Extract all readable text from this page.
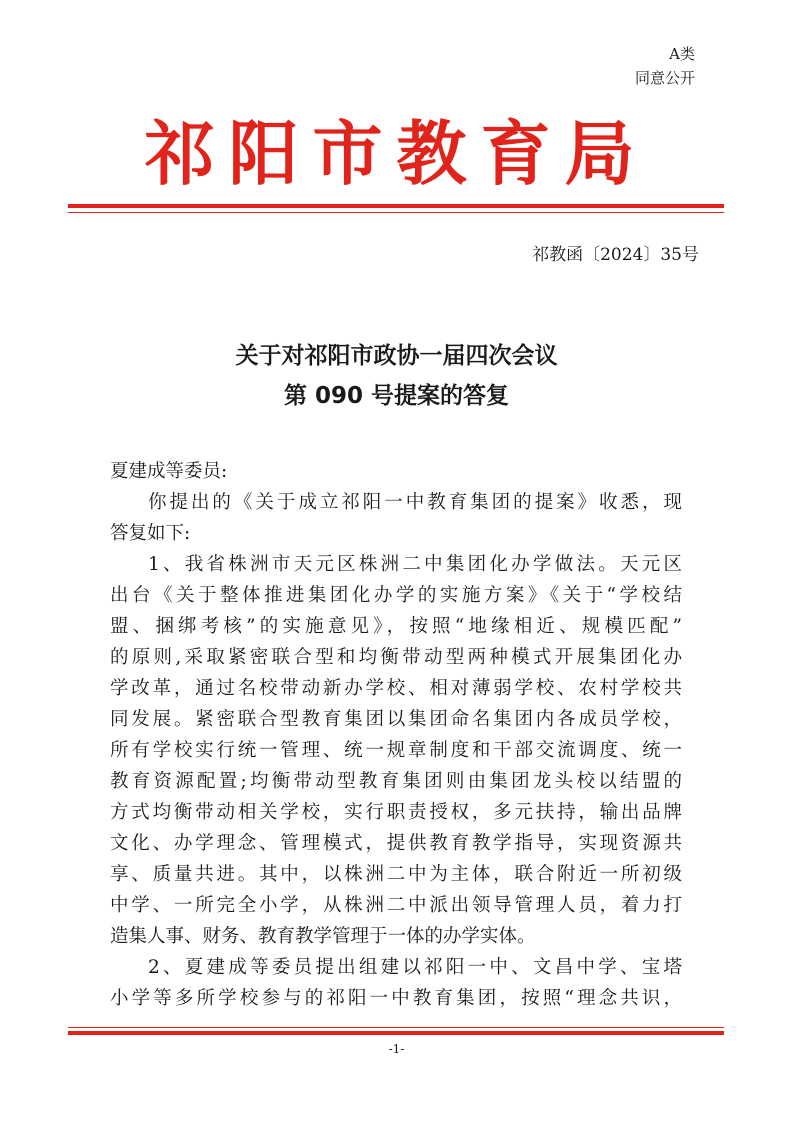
A类
同意公开
祁阳市教育局
祁教函〔2024〕35号
关于对祁阳市政协一届四次会议
第 090 号提案的答复
夏建成等委员:
你提出的《关于成立祁阳一中教育集团的提案》收悉，现
答复如下:
1、我省株洲市天元区株洲二中集团化办学做法。天元区
出台《关于整体推进集团化办学的实施方案》《关于“学校结
盟、捆绑考核”的实施意见》，按照“地缘相近、规模匹配”
的原则,采取紧密联合型和均衡带动型两种模式开展集团化办
学改革，通过名校带动新办学校、相对薄弱学校、农村学校共
同发展。紧密联合型教育集团以集团命名集团内各成员学校，
所有学校实行统一管理、统一规章制度和干部交流调度、统一
教育资源配置;均衡带动型教育集团则由集团龙头校以结盟的
方式均衡带动相关学校，实行职责授权，多元扶持，输出品牌
文化、办学理念、管理模式，提供教育教学指导，实现资源共
享、质量共进。其中，以株洲二中为主体，联合附近一所初级
中学、一所完全小学，从株洲二中派出领导管理人员，着力打
造集人事、财务、教育教学管理于一体的办学实体。
2、夏建成等委员提出组建以祁阳一中、文昌中学、宝塔
小学等多所学校参与的祁阳一中教育集团，按照“理念共识，
-1-
